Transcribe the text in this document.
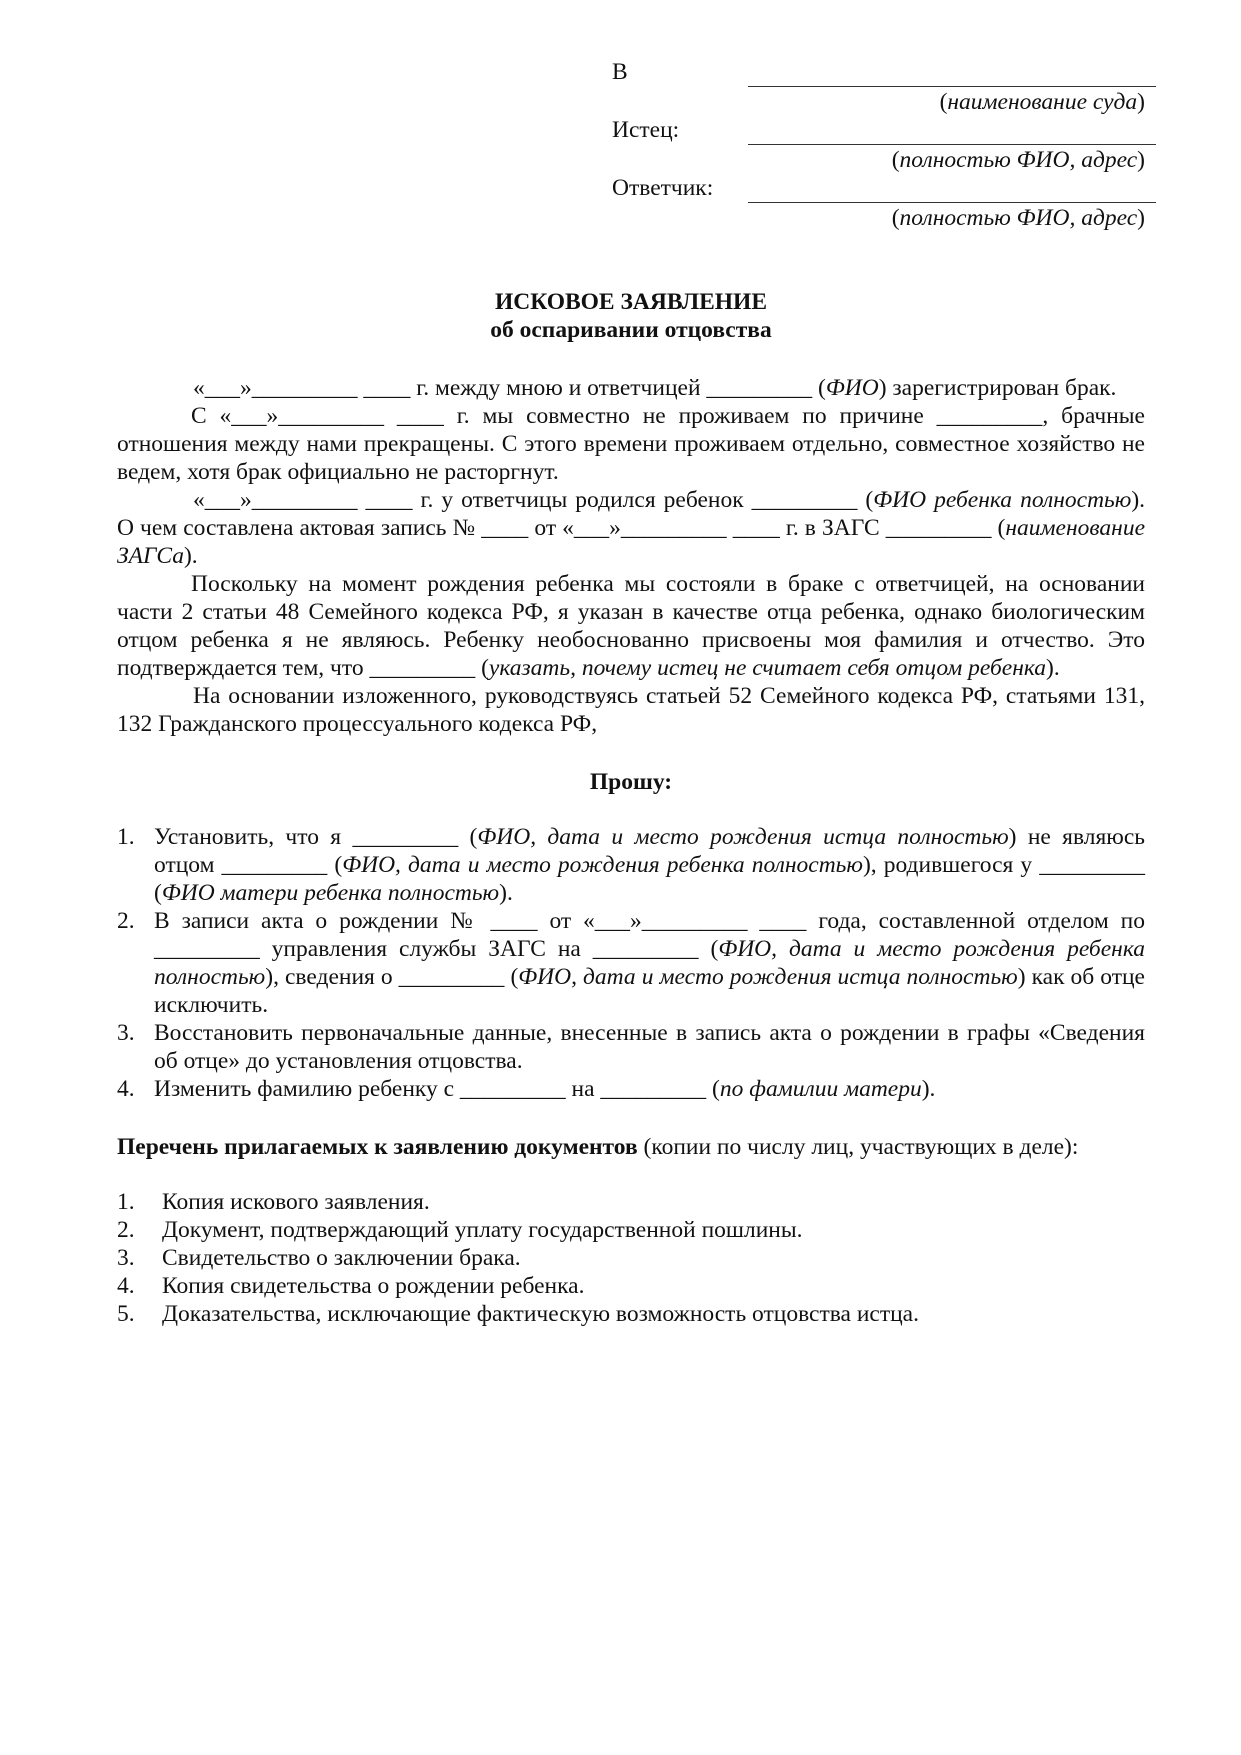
В
(наименование суда)
Истец:
(полностью ФИО, адрес)
Ответчик:
(полностью ФИО, адрес)
ИСКОВОЕ ЗАЯВЛЕНИЕ
об оспаривании отцовства

«___»_________ ____ г. между мною и ответчицей _________ (ФИО) зарегистрирован брак.

С «___»_________ ____ г. мы совместно не проживаем по причине _________, брачные отношения между нами прекращены. С этого времени проживаем отдельно, совместное хозяйство не ведем, хотя брак официально не расторгнут.

«___»_________ ____ г. у ответчицы родился ребенок _________ (ФИО ребенка полностью). О чем составлена актовая запись № ____ от «___»_________ ____ г. в ЗАГС _________ (наименование ЗАГСа).

Поскольку на момент рождения ребенка мы состояли в браке с ответчицей, на основании части 2 статьи 48 Семейного кодекса РФ, я указан в качестве отца ребенка, однако биологическим отцом ребенка я не являюсь. Ребенку необоснованно присвоены моя фамилия и отчество. Это подтверждается тем, что _________ (указать, почему истец не считает себя отцом ребенка).

На основании изложенного, руководствуясь статьей 52 Семейного кодекса РФ, статьями 131, 132 Гражданского процессуального кодекса РФ,

Прошу:

1. Установить, что я _________ (ФИО, дата и место рождения истца полностью) не являюсь отцом _________ (ФИО, дата и место рождения ребенка полностью), родившегося у _________ (ФИО матери ребенка полностью).
2. В записи акта о рождении № ____ от «___»_________ ____ года, составленной отделом по _________ управления службы ЗАГС на _________ (ФИО, дата и место рождения ребенка полностью), сведения о _________ (ФИО, дата и место рождения истца полностью) как об отце исключить.
3. Восстановить первоначальные данные, внесенные в запись акта о рождении в графы «Сведения об отце» до установления отцовства.
4. Изменить фамилию ребенку с _________ на _________ (по фамилии матери).

Перечень прилагаемых к заявлению документов (копии по числу лиц, участвующих в деле):

1. Копия искового заявления.
2. Документ, подтверждающий уплату государственной пошлины.
3. Свидетельство о заключении брака.
4. Копия свидетельства о рождении ребенка.
5. Доказательства, исключающие фактическую возможность отцовства истца.
